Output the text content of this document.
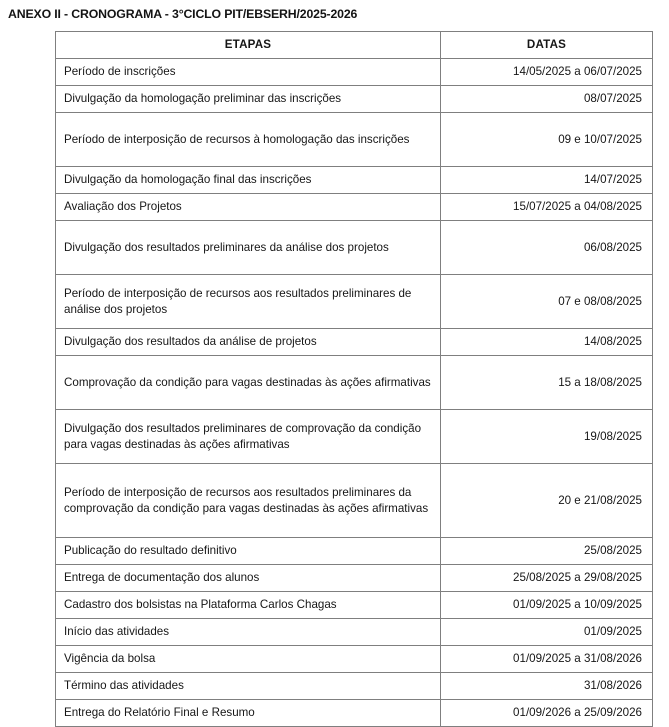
ANEXO II - CRONOGRAMA - 3°CICLO PIT/EBSERH/2025-2026
ETAPAS	DATAS
Período de inscrições	14/05/2025 a 06/07/2025
Divulgação da homologação preliminar das inscrições	08/07/2025
Período de interposição de recursos à homologação das inscrições	09 e 10/07/2025
Divulgação da homologação final das inscrições	14/07/2025
Avaliação dos Projetos	15/07/2025 a 04/08/2025
Divulgação dos resultados preliminares da análise dos projetos	06/08/2025
Período de interposição de recursos aos resultados preliminares de análise dos projetos	07 e 08/08/2025
Divulgação dos resultados da análise de projetos	14/08/2025
Comprovação da condição para vagas destinadas às ações afirmativas	15 a 18/08/2025
Divulgação dos resultados preliminares de comprovação da condição para vagas destinadas às ações afirmativas	19/08/2025
Período de interposição de recursos aos resultados preliminares da comprovação da condição para vagas destinadas às ações afirmativas	20 e 21/08/2025
Publicação do resultado definitivo	25/08/2025
Entrega de documentação dos alunos	25/08/2025 a 29/08/2025
Cadastro dos bolsistas na Plataforma Carlos Chagas	01/09/2025 a 10/09/2025
Início das atividades	01/09/2025
Vigência da bolsa	01/09/2025 a 31/08/2026
Término das atividades	31/08/2026
Entrega do Relatório Final e Resumo	01/09/2026 a 25/09/2026
